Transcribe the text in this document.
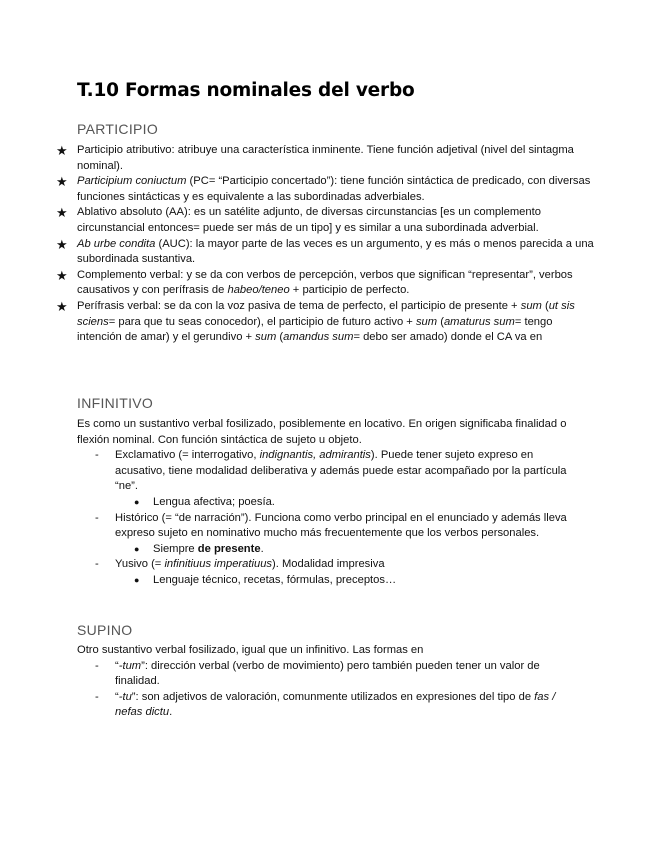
T.10 Formas nominales del verbo
PARTICIPIO
★ Participio atributivo: atribuye una característica inminente. Tiene función adjetival (nivel del sintagma nominal).
★ Participium coniuctum (PC= “Participio concertado”): tiene función sintáctica de predicado, con diversas funciones sintácticas y es equivalente a las subordinadas adverbiales.
★ Ablativo absoluto (AA): es un satélite adjunto, de diversas circunstancias [es un complemento circunstancial entonces= puede ser más de un tipo] y es similar a una subordinada adverbial.
★ Ab urbe condita (AUC): la mayor parte de las veces es un argumento, y es más o menos parecida a una subordinada sustantiva.
★ Complemento verbal: y se da con verbos de percepción, verbos que significan “representar”, verbos causativos y con perífrasis de habeo/teneo + participio de perfecto.
★ Perífrasis verbal: se da con la voz pasiva de tema de perfecto, el participio de presente + sum (ut sis sciens= para que tu seas conocedor), el participio de futuro activo + sum (amaturus sum= tengo intención de amar) y el gerundivo + sum (amandus sum= debo ser amado) donde el CA va en
INFINITIVO

Es como un sustantivo verbal fosilizado, posiblemente en locativo. En origen significaba finalidad o flexión nominal. Con función sintáctica de sujeto u objeto.

- Exclamativo (= interrogativo, indignantis, admirantis). Puede tener sujeto expreso en acusativo, tiene modalidad deliberativa y además puede estar acompañado por la partícula “ne”.
● Lengua afectiva; poesía.
- Histórico (= “de narración”). Funciona como verbo principal en el enunciado y además lleva expreso sujeto en nominativo mucho más frecuentemente que los verbos personales.
● Siempre de presente.
- Yusivo (= infinitiuus imperatiuus). Modalidad impresiva
● Lenguaje técnico, recetas, fórmulas, preceptos…
SUPINO

Otro sustantivo verbal fosilizado, igual que un infinitivo. Las formas en

- “-tum”: dirección verbal (verbo de movimiento) pero también pueden tener un valor de finalidad.
- “-tu”: son adjetivos de valoración, comunmente utilizados en expresiones del tipo de fas / nefas dictu.
